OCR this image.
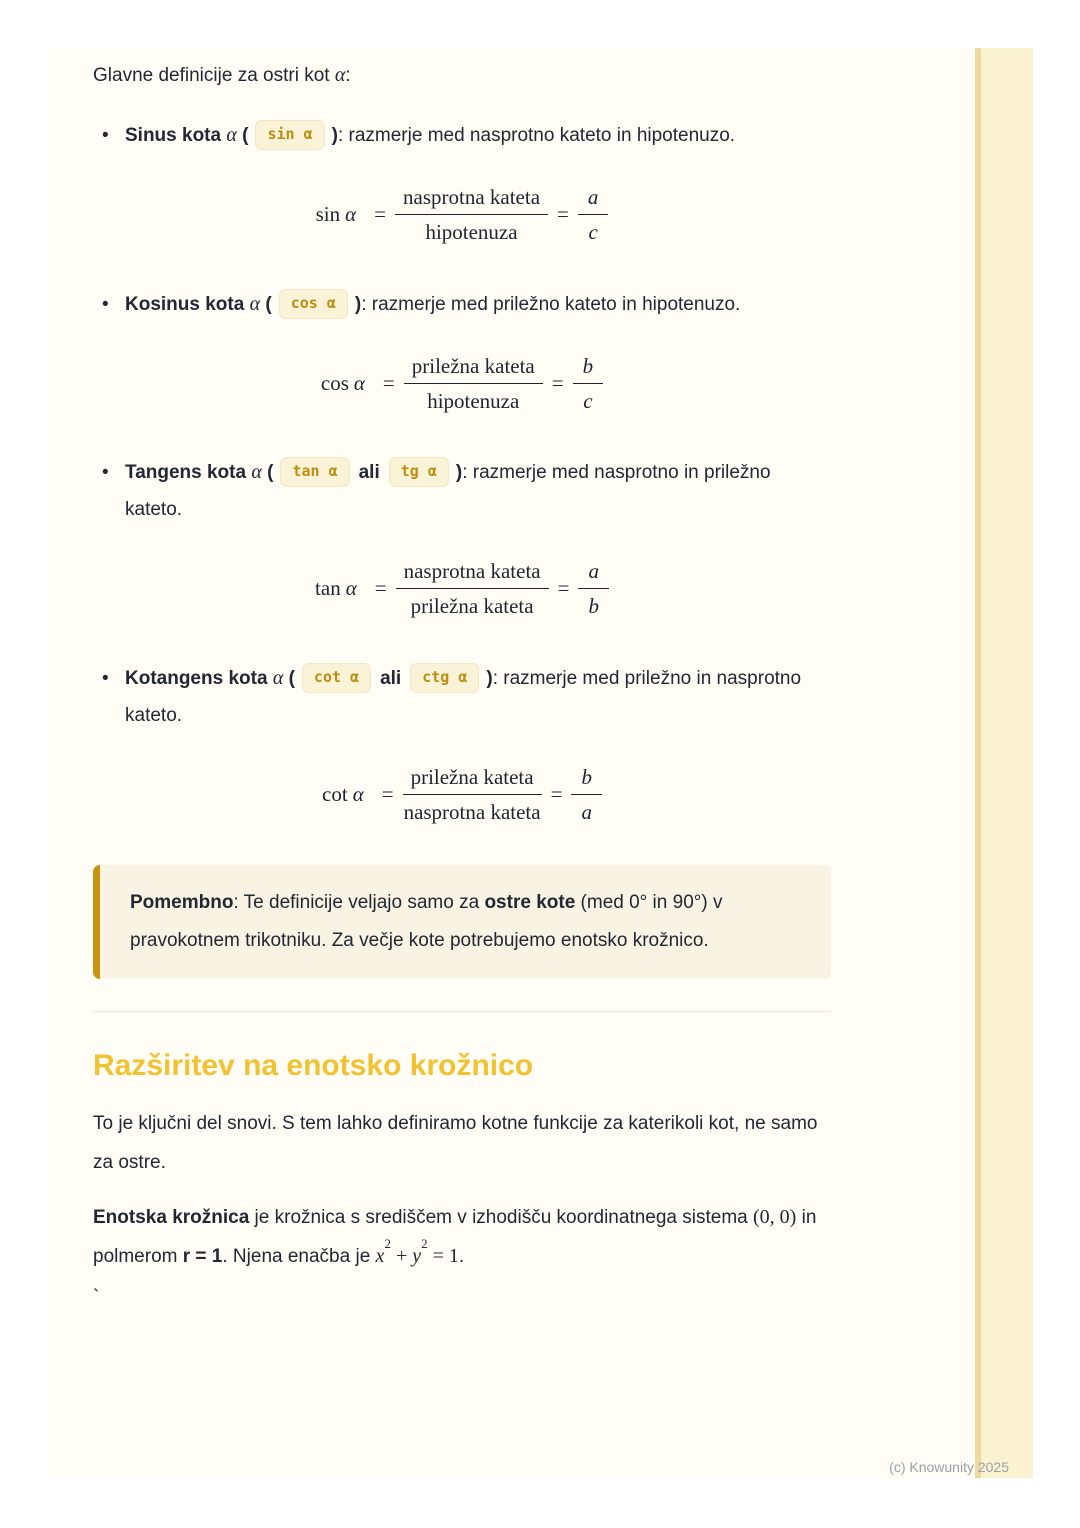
Glavne definicije za ostri kot α:

• Sinus kota α ( sin α ): razmerje med nasprotno kateto in hipotenuzo.
$\sin \alpha = \frac{\text{nasprotna kateta}}{\text{hipotenuza}} = \frac{a}{c}$
• Kosinus kota α ( cos α ): razmerje med priležno kateto in hipotenuzo.
$\cos \alpha = \frac{\text{priležna kateta}}{\text{hipotenuza}} = \frac{b}{c}$
• Tangens kota α ( tan α ali tg α ): razmerje med nasprotno in priležno kateto.
$\tan \alpha = \frac{\text{nasprotna kateta}}{\text{priležna kateta}} = \frac{a}{b}$
• Kotangens kota α ( cot α ali ctg α ): razmerje med priležno in nasprotno kateto.
$\cot \alpha = \frac{\text{priležna kateta}}{\text{nasprotna kateta}} = \frac{b}{a}$
Pomembno: Te definicije veljajo samo za ostre kote (med 0° in 90°) v pravokotnem trikotniku. Za večje kote potrebujemo enotsko krožnico.
Razširitev na enotsko krožnico

To je ključni del snovi. S tem lahko definiramo kotne funkcije za katerikoli kot, ne samo za ostre.

Enotska krožnica je krožnica s središčem v izhodišču koordinatnega sistema (0, 0) in polmerom r = 1. Njena enačba je $x^2 + y^2 = 1$.

`

(c) Knowunity 2025
